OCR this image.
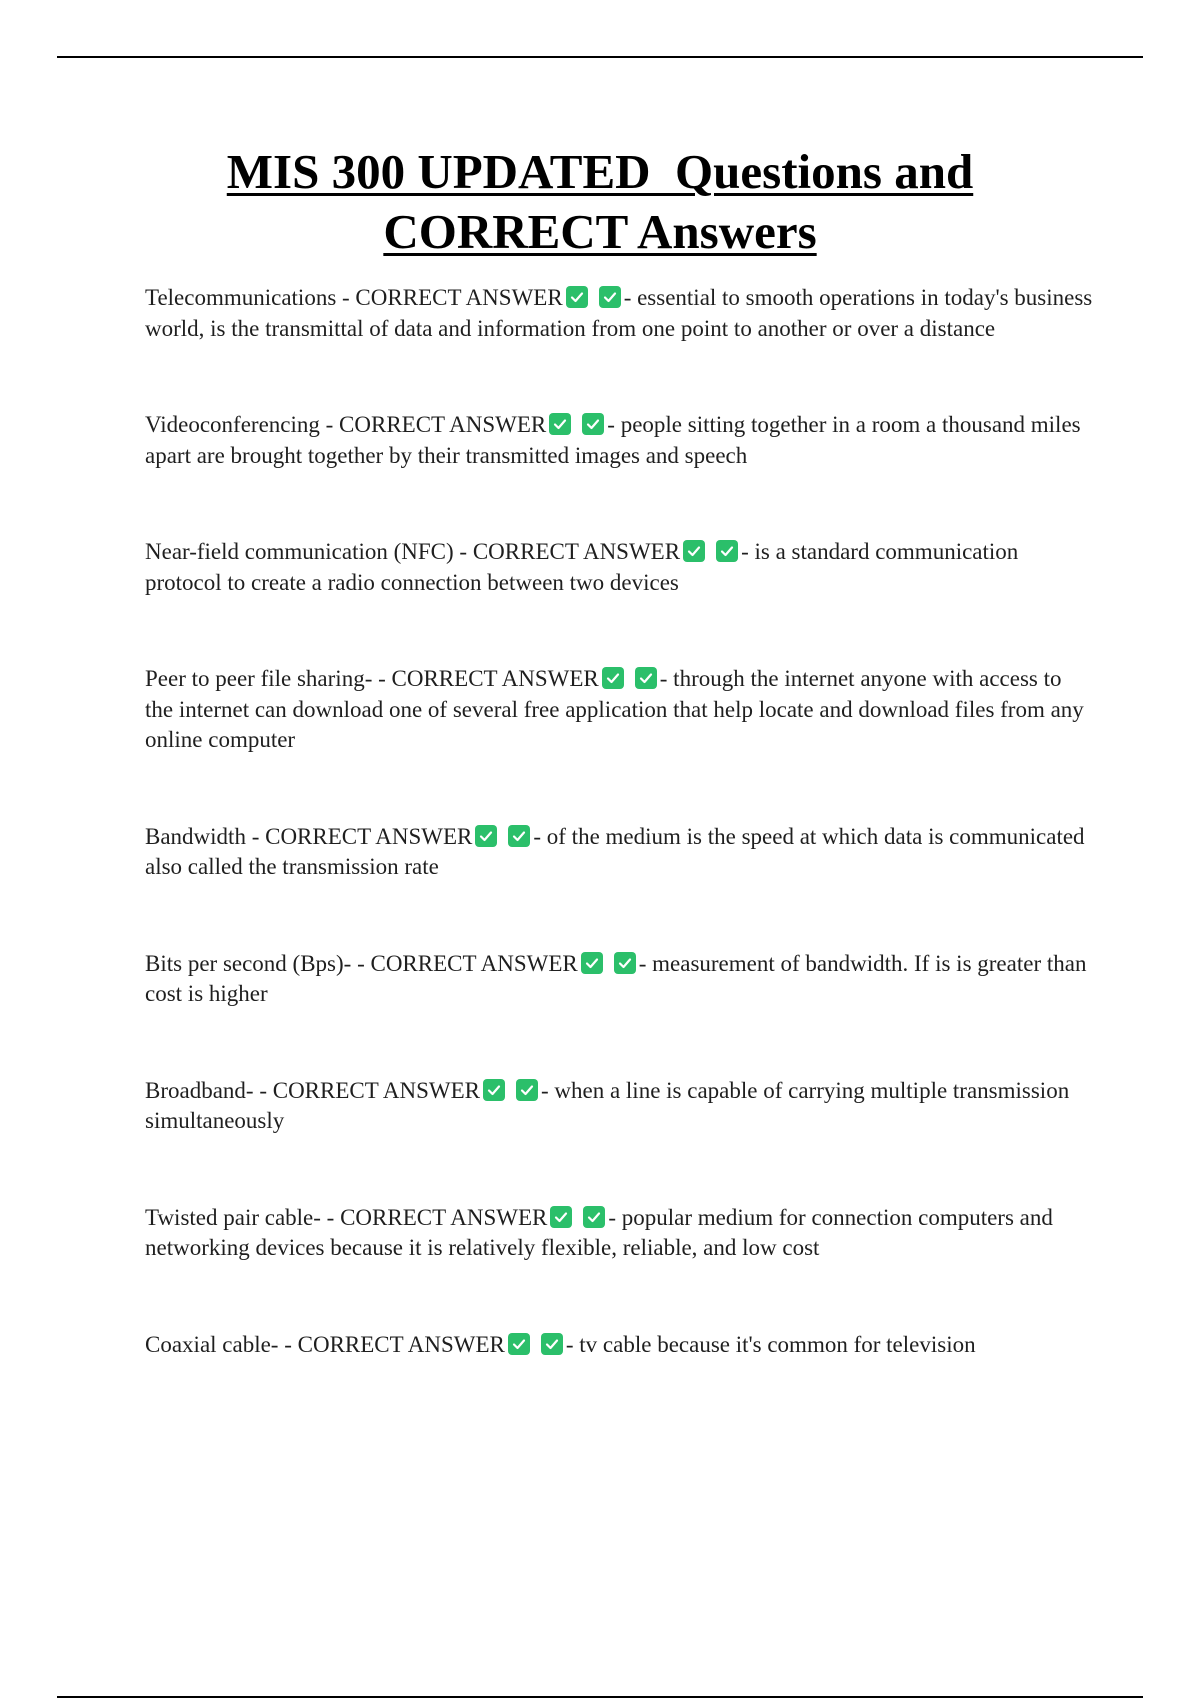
MIS 300 UPDATED  Questions and
CORRECT Answers
Telecommunications - CORRECT ANSWER	- essential to smooth operations in today's business world, is the transmittal of data and information from one point to another or over a distance
Videoconferencing - CORRECT ANSWER	- people sitting together in a room a thousand miles apart are brought together by their transmitted images and speech
Near-field communication (NFC) - CORRECT ANSWER	- is a standard communication protocol to create a radio connection between two devices
Peer to peer file sharing- - CORRECT ANSWER	- through the internet anyone with access to the internet can download one of several free application that help locate and download files from any online computer
Bandwidth - CORRECT ANSWER	- of the medium is the speed at which data is communicated also called the transmission rate
Bits per second (Bps)- - CORRECT ANSWER	- measurement of bandwidth. If is is greater than cost is higher
Broadband- - CORRECT ANSWER	- when a line is capable of carrying multiple transmission simultaneously
Twisted pair cable- - CORRECT ANSWER	- popular medium for connection computers and networking devices because it is relatively flexible, reliable, and low cost
Coaxial cable- - CORRECT ANSWER	- tv cable because it's common for television
